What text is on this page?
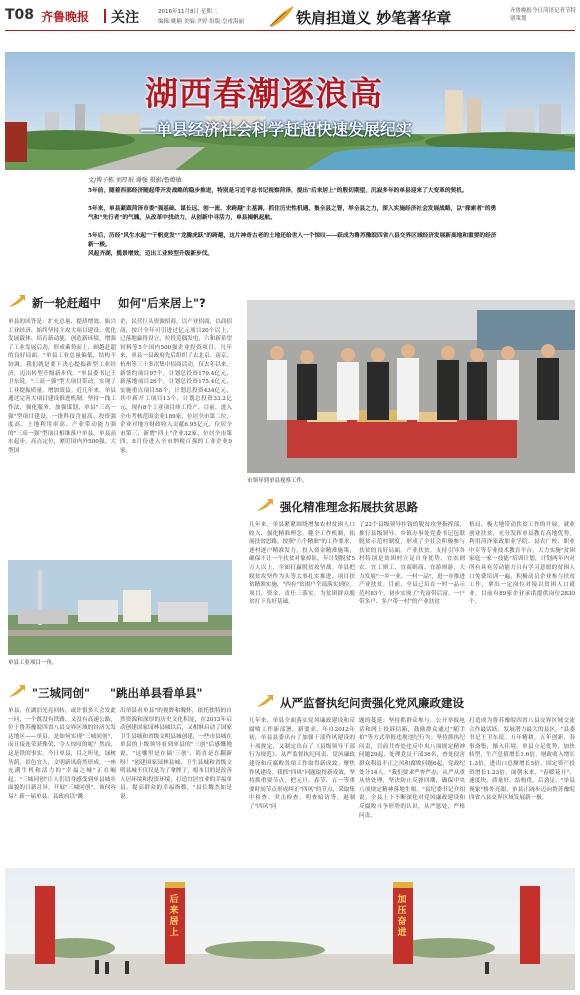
T08 齐鲁晚报 关注	2016年11月8日 星期二
编辑:姚楠 美编:尹婷 组版:皇甫海丽	铁肩担道义 妙笔著华章	齐鲁晚报今日菏泽记者节特别策划
湖西春潮逐浪高
—单县经济社会科学赶超快速发展纪实
文/博子栋 刘厚珉 谢强 摄影/鲁燎敏
5年前，随着西部经济随起带开发战略的稳步推进，特别是习近平总书记视察菏泽，提出"后来居上"的殷切期望，沉寂多年的单县迎来了大变革的契机。
5年来，单县紧跟菏泽市委"强基础、谋长远、创一流、求跨越"主基调，抓住历史性机遇，集全县之智，举全县之力，深入实施经济社会发展战略，以"探索者"的勇气和"先行者"的气魄，从改革中找动力，从创新中寻活力，单县揭帆起航。
5年后，历经"风生水起""千帆竞发""龙腾虎跃"的跨越，这片神奇古老的土地还给世人一个惊叹——跃成为鲁苏豫皖四省八县交界区域经济发展新高地和重要的经济新一极。
风起齐湖，揽景增效，迈出工业转型升级新步伐。
新一轮赶超中 如何"后来居上"?
单县的回答是：扩充总量、提质增效、振兴工业经济、始终坚持主攻大项目建设、优化发展载体、培育新动能，创造新环境，增强了工业发展后劲，形成乘势而上、顾越赶超的良好局面。"单县工业总量偏低，结构不协调，我们就是要下决心提振新型工业经济，迈出转型升级新步伐。"单县委书记王卫东说。"三高一强"型大项目带动，实现了工业提振质量，增加效益。近几年来，单县通过完善大项目建设推进机制，坚持一线工作法，强化服务，加强谋划，单县"三高一强"型项目建设，一批科技含量高、投资强度高、土地利用率高、产业带动能力强的"三高一强"型项目相继落户单县。单县高水起步，高点定位，紧盯国内外500强、大型国
企，民营巨头资源招商，以产业招商，以商招商，按计全年可引进过亿元项目20个以上，已落地赢得设立，拉投苋偶发电，六和新希望饲料等5个国内500强企业投资项目，凡年来，单县一县政府先后组织了去北京、南京、杭州等三十多次集中招商活动，仅去年以来，新签约项目97个，计划总投资179.4亿元，新落地项目26个，计划总投资175.4亿元，实施重点项目58个，计划总投资434亿元，其中新开工项目13个，计划总投资33.2亿元，现有8个工业项目竣工投产，目前，进入全市考核范围企业189家，位居全市第二位，企业对地方财政收入贡献6.95亿元，位居全市第三，新增"四上"企业32家，位居全市第四，8月份进入全市纳税百强的工业企业9家。
市领导到单县视察工作。
单县工业项目一角。
强化精准理念拓展扶贫思路
几年来，单县紧紧围绕增加农村贫困人口收入、强化精准理念，健全工作机制，拓展扶贫思路，按照"六个精准"的工作要求，逐村逐户精准发力，投入资金精准施策，确保不让一个扶贫对象掉队，年计划脱贫5万人以上，全面打赢脱贫攻坚战。单县把脱贫攻坚作为头等大事扎实推进，项目扶贫精准实施，"四有"贫困户全部落实到位。项目、资金、责任三落实，为贫困群众脱贫打下良好基础。
了22个县级领导挂钩的脱贫攻坚指挥部，推行县级领导、乡镇办事处党委书记包联脱贫示范村制度，形成了全社会积极参与扶贫的良好局面。产业扶贫，支持引导各村特别是贫困村立足自身优势，宜农则农、宜工则工、宜商则商、宜游则游，大力发展"一乡一业、一村一品"，进一步推进产业扶贫。目前，全县已培育一村一品示范村83个，初步实现了"先富带后富、一户带多户、多户带一村"的产业扶贫
格局，极大地带动扶贫工作的开展。就业创业扶贫，充分发挥单县教育高地优势，利用菏泽家政职业学院、县农广校、职业中专等专业技术教育平台，大力实施"贫困家庭一家一技能"培训计划，计划两年内对所有具有劳动能力且有学习意愿的贫困人口免费培训一遍，积极动员企业参与扶贫工作，拿出一定岗位对接以贫困人口就业，目前有89家企业承诺提供岗位2830个。
"三城同创" "跳出单县看单县"
单县，在湖泊光亮回转，或许很多人会发此一问，一个既没有铁路、又没有高速公路，位于鲁苏豫皖四省八县交界区域的经济欠发达地区——单县，是如何实现"三城同创"，而且接连荣获殊荣，令人惊叹的呢？然而，这是铁的事实，今日单县，目之所见，绿树丛荫，景色宜人，文明新风蔚然形成，一座充满生机和活力的"幸福之城"正在崛起。"三城同创"让人们切身感受到单县城乡面貌的日新月异。开展"三城同创"，该何容易？新一届单县、县政府以"跳
出单县看单县"的视野和魄怀，依托独特的自然资源和深厚的历史文化积淀，在2013年启动创建国家园林县城以后，又相继启动了国家卫生县城和省级文明县城创建，一些市县城在单县的上级领导看到单县的"三创"后感慨地说，"这哪里是在搞'三创'，简直是在翻新呀！"创建国家园林县城、卫生县城和省级文明县城不仅仅是为了拿牌子，根本目的是改善人居环境和投资环境，打造宜居宜业的幸福单县，提高群众的幸福指数。"县长魏杰如是说。
从严监督执纪问责强化党风廉政建设
几年来，单县全面落实党风廉政建设和反腐败工作新部署、新要求，年自2012年初，单县县委出台了加强干部作风建设的十项规定，又制定出台了《县级领导干部行为规范》、从严监督执纪问责、党风廉政建设和反腐败各项工作取得新成效。聚焦作风建设，我抓"四风"问题取得新成效，坚持抓重要节点，把元旦、春节、五一等重要时间节点形成纠正"四风"的节点，采取集中检查、突击检查，明查暗访等，遏制了"四风"问
题的蔓延；坚持抓群众参与，公开举报电话和网上投诉信箱，鼓励群众通过"随手拍"等方式举报违规违纪行为；坚持抓执纪问责，目前共查处违反中央八项规定精神问题29起，处理党员干部36名，查处侵害群众利益不正之风和腐败问题6起，党政纪处分14人。"我们要求严查严办，从严从重从快处理，坚决防止反弹回潮，确保中央八项规定精神落地生根。"县纪委书记介绍说。全县上下不断深化对党风廉政建设和反腐败斗争形势的认识，从严惩处，严格问责。
打造成为鲁苏豫皖四省八县交界区域交流合作最活跃、发展潜力最大的县区。"县委书记王卫东说。五年精耕，五年创新，春事斋集，渐入佳境。单县立足优势，加快转型，生产总值增长1.6倍，财政收入增长1.3倍，进出口总额增长5倍，固定资产投资增长1.23倍，面朝未来，"春暖花开"，速度快、质量好、结构优、后劲足、"单县现象"格外亮眼，单县正阔步迈向鲁苏豫皖四省八县交界区域发展新一极。
后来居上
加压奋进
